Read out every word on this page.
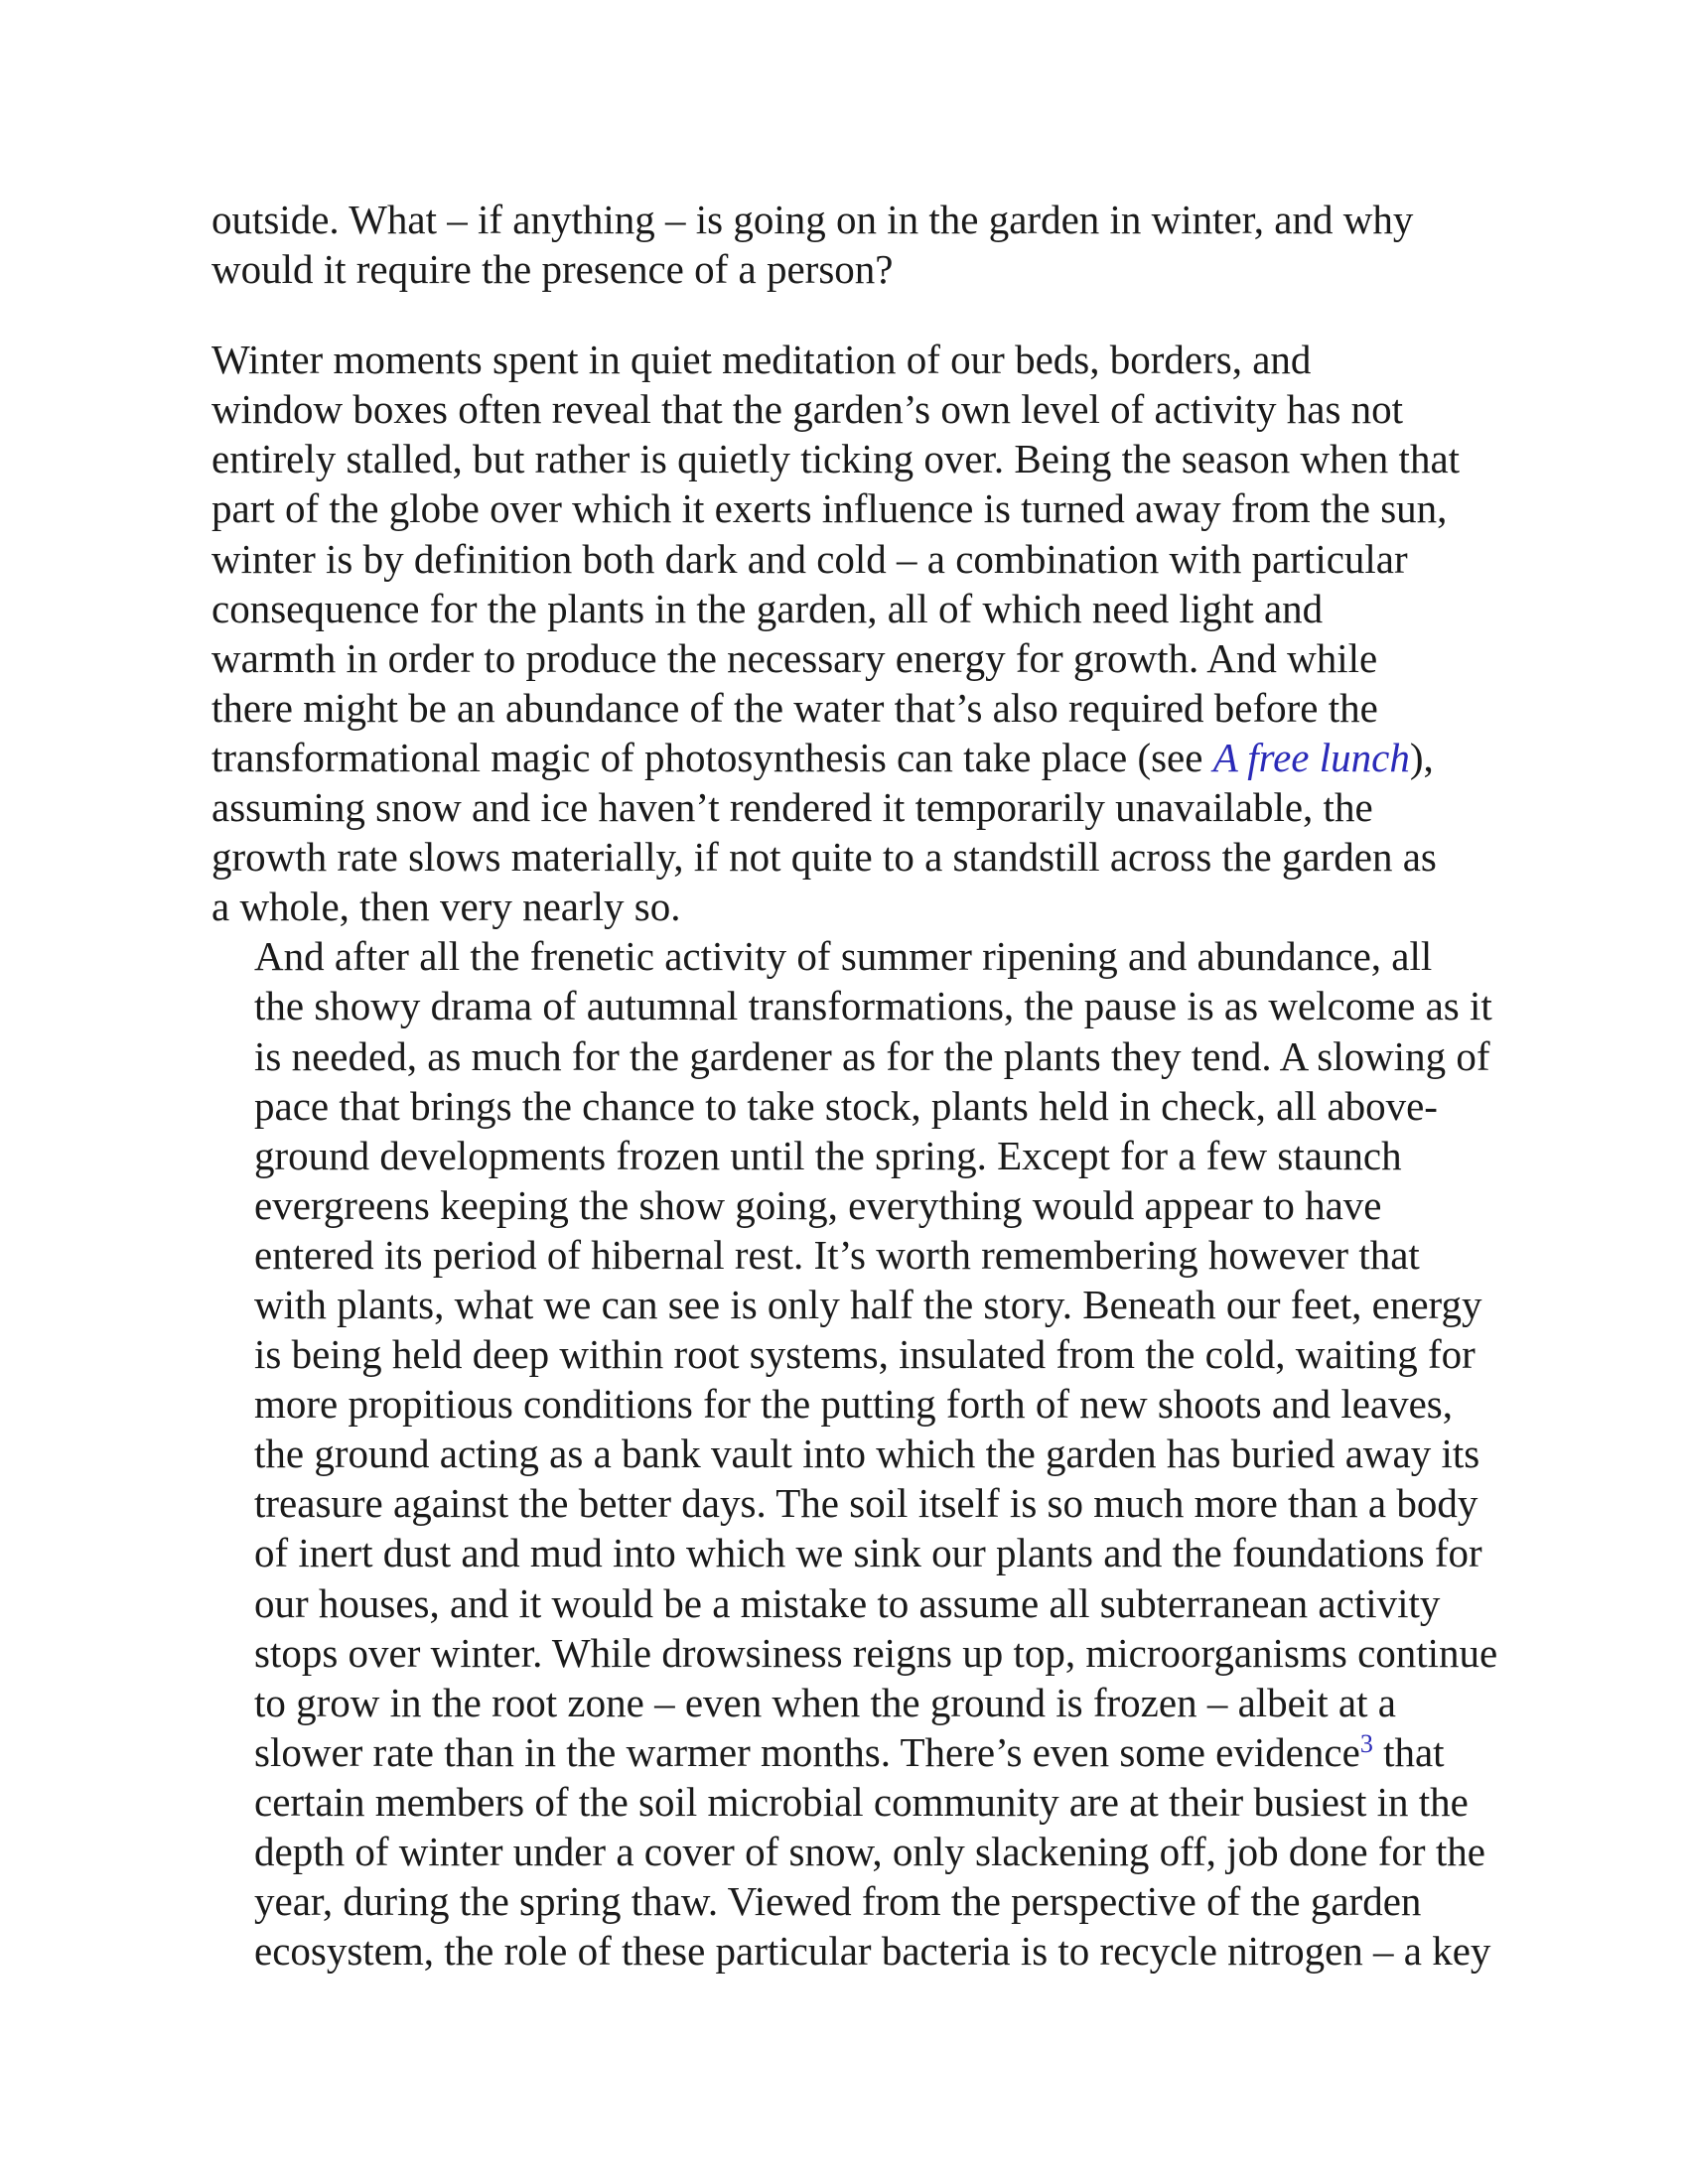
outside. What – if anything – is going on in the garden in winter, and why
would it require the presence of a person?

Winter moments spent in quiet meditation of our beds, borders, and
window boxes often reveal that the garden’s own level of activity has not
entirely stalled, but rather is quietly ticking over. Being the season when that
part of the globe over which it exerts influence is turned away from the sun,
winter is by definition both dark and cold – a combination with particular
consequence for the plants in the garden, all of which need light and
warmth in order to produce the necessary energy for growth. And while
there might be an abundance of the water that’s also required before the
transformational magic of photosynthesis can take place (see A free lunch),
assuming snow and ice haven’t rendered it temporarily unavailable, the
growth rate slows materially, if not quite to a standstill across the garden as
a whole, then very nearly so.

And after all the frenetic activity of summer ripening and abundance, all
the showy drama of autumnal transformations, the pause is as welcome as it
is needed, as much for the gardener as for the plants they tend. A slowing of
pace that brings the chance to take stock, plants held in check, all above-
ground developments frozen until the spring. Except for a few staunch
evergreens keeping the show going, everything would appear to have
entered its period of hibernal rest. It’s worth remembering however that
with plants, what we can see is only half the story. Beneath our feet, energy
is being held deep within root systems, insulated from the cold, waiting for
more propitious conditions for the putting forth of new shoots and leaves,
the ground acting as a bank vault into which the garden has buried away its
treasure against the better days. The soil itself is so much more than a body
of inert dust and mud into which we sink our plants and the foundations for
our houses, and it would be a mistake to assume all subterranean activity
stops over winter. While drowsiness reigns up top, microorganisms continue
to grow in the root zone – even when the ground is frozen – albeit at a
slower rate than in the warmer months. There’s even some evidence$^3$ that
certain members of the soil microbial community are at their busiest in the
depth of winter under a cover of snow, only slackening off, job done for the
year, during the spring thaw. Viewed from the perspective of the garden
ecosystem, the role of these particular bacteria is to recycle nitrogen – a key
